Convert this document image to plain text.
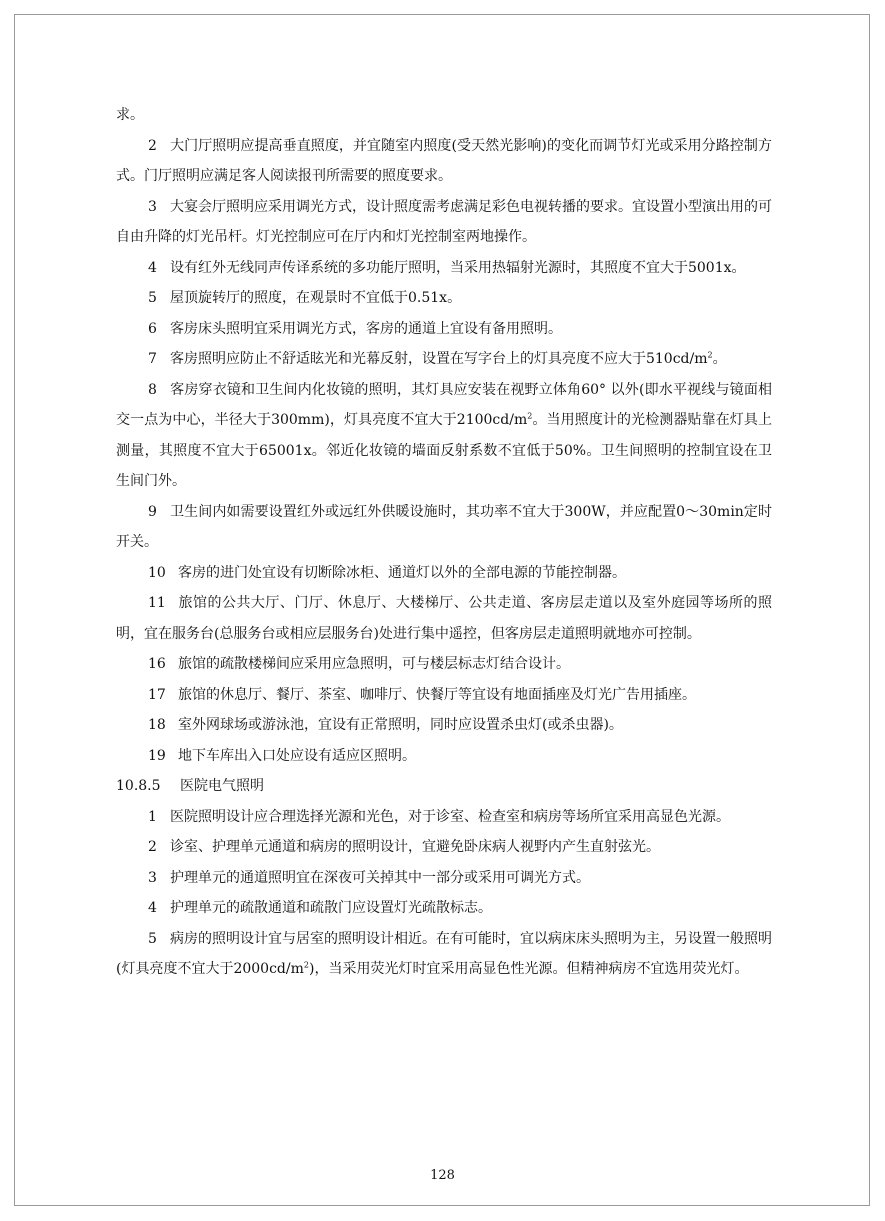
求。

2 大门厅照明应提高垂直照度，并宜随室内照度(受天然光影响)的变化而调节灯光或采用分路控制方式。门厅照明应满足客人阅读报刊所需要的照度要求。

3 大宴会厅照明应采用调光方式，设计照度需考虑满足彩色电视转播的要求。宜设置小型演出用的可自由升降的灯光吊杆。灯光控制应可在厅内和灯光控制室两地操作。

4 设有红外无线同声传译系统的多功能厅照明，当采用热辐射光源时，其照度不宜大于5001x。

5 屋顶旋转厅的照度，在观景时不宜低于0.51x。

6 客房床头照明宜采用调光方式，客房的通道上宜设有备用照明。

7 客房照明应防止不舒适眩光和光幕反射，设置在写字台上的灯具亮度不应大于$510cd/m^2$。

8 客房穿衣镜和卫生间内化妆镜的照明，其灯具应安装在视野立体角60° 以外(即水平视线与镜面相交一点为中心，半径大于300mm)，灯具亮度不宜大于$2100cd/m^2$。当用照度计的光检测器贴靠在灯具上测量，其照度不宜大于65001x。邻近化妆镜的墙面反射系数不宜低于50%。卫生间照明的控制宜设在卫生间门外。

9 卫生间内如需要设置红外或远红外供暖设施时，其功率不宜大于300W，并应配置0～30min定时开关。

10 客房的进门处宜设有切断除冰柜、通道灯以外的全部电源的节能控制器。

11 旅馆的公共大厅、门厅、休息厅、大楼梯厅、公共走道、客房层走道以及室外庭园等场所的照明，宜在服务台(总服务台或相应层服务台)处进行集中遥控，但客房层走道照明就地亦可控制。

16 旅馆的疏散楼梯间应采用应急照明，可与楼层标志灯结合设计。

17 旅馆的休息厅、餐厅、茶室、咖啡厅、快餐厅等宜设有地面插座及灯光广告用插座。

18 室外网球场或游泳池，宜设有正常照明，同时应设置杀虫灯(或杀虫器)。

19 地下车库出入口处应设有适应区照明。

10.8.5 医院电气照明

1 医院照明设计应合理选择光源和光色，对于诊室、检查室和病房等场所宜采用高显色光源。

2 诊室、护理单元通道和病房的照明设计，宜避免卧床病人视野内产生直射弦光。

3 护理单元的通道照明宜在深夜可关掉其中一部分或采用可调光方式。

4 护理单元的疏散通道和疏散门应设置灯光疏散标志。

5 病房的照明设计宜与居室的照明设计相近。在有可能时，宜以病床床头照明为主，另设置一般照明(灯具亮度不宜大于$2000cd/m^2$)，当采用荧光灯时宜采用高显色性光源。但精神病房不宜选用荧光灯。

128
